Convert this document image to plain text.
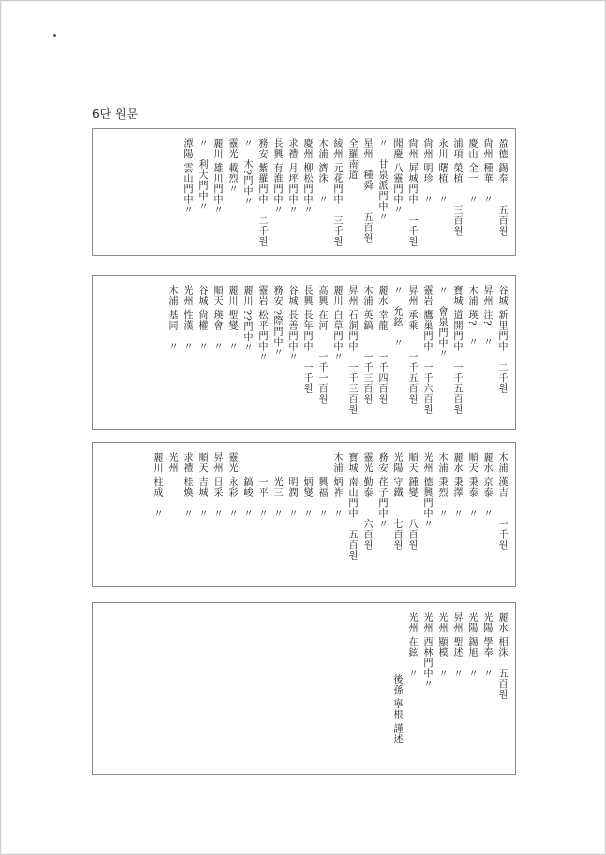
6단 원문
盈德 錫奉　　五百원
尙州 種華　〃
慶山 全一　〃
浦項 榮植　　三百원
永川 曙植　〃
尙州 明珍　〃
尙州 屛城門中　一千원
聞慶 八靈門中〃
〃　甘泉派門中〃
星州　種舜　　五百원
全羅南道
綾州 元花門中　三千원
木浦 濟洙　〃
慶州 柳松門中〃
求禮 月坪門中〃
長興 有淮門中〃
務安 紫羅門中　二千원
〃　木?門中〃
靈光 載烈〃
麗川 雄川門中〃
〃　利大門中〃
潭陽 雲山門中〃
谷城 新里門中　二千원
昇州 注?　〃
木浦 瑛?　〃
寶城 道開門中　一千五百원
〃　會泉門中〃
靈岩 鷹巢門中　一千六百원
昇州 承乘　　一千五百원
〃　允鉉　〃
麗水 幸龍　　一千四百원
木浦 英鎬　　一千三百원
昇州 石洞門中　一千三百원
麗川 白草門中〃
高興 在河　　一千一百원
長興 長年門中　一千원
谷城 長善門中〃
務安 ?際門中〃
靈岩 松平門中〃
麗川 ??門中〃
麗川 聖燮　〃
順天 瑛會　〃
谷城 尙權　〃
光州 性漢　〃
木浦 基同　〃
木浦 漢吉　　一千원
麗水 京泰　〃
順天 秉泰　〃
麗水 秉澤　〃
木浦 秉烈　〃
光州 德興門中〃
順天 鍾燮　　八百원
光陽 守鐵　　七百원
務安 荏子門中〃
靈光 勤泰　　六百원
寶城 南山門中　五百원
木浦 炳祚　〃
　　 興福　〃
　　 炳燮　〃
　　 明潤　〃
　　 光三　〃
　　 一平　〃
　　 鎬峻　〃
靈光 永彩　〃
昇州 日采　〃
順天 吉城　〃
求禮 桂煥　〃
光州
麗川 柱成　〃
麗水 相洙　五百원
光陽 學奉　〃
光陽 錫旭　〃
昇州 聖述　〃
光州 顯模　〃
光州 西林門中〃
光州 在鉉　〃
後孫 寧根 謹述
